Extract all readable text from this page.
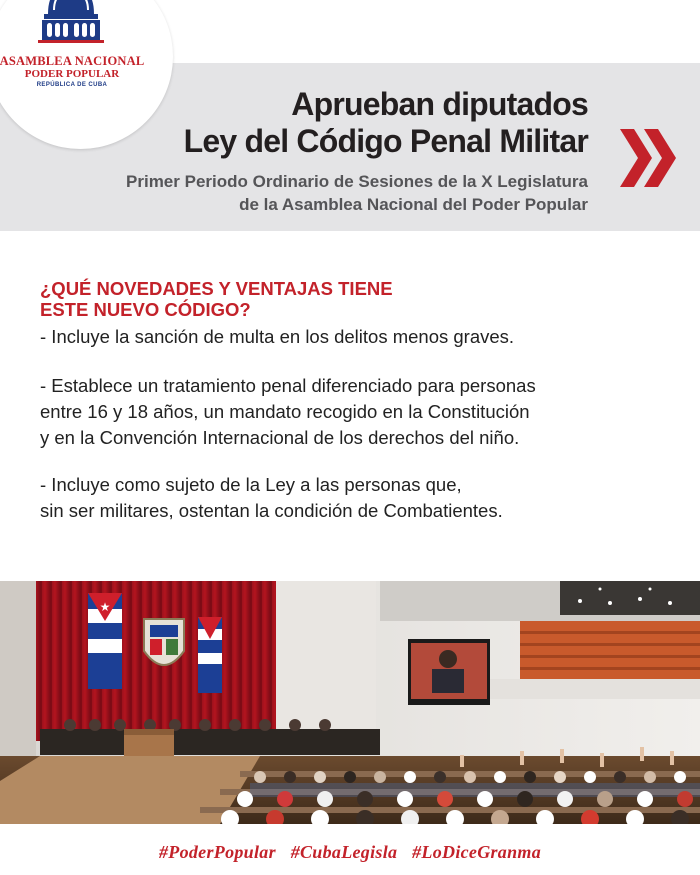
ASAMBLEA NACIONAL
PODER POPULAR
REPÚBLICA DE CUBA
Aprueban diputados
Ley del Código Penal Militar
Primer Periodo Ordinario de Sesiones de la X Legislatura
de la Asamblea Nacional del Poder Popular
¿QUÉ NOVEDADES Y VENTAJAS TIENE
ESTE NUEVO CÓDIGO?
- Incluye la sanción de multa en los delitos menos graves.
- Establece un tratamiento penal diferenciado para personas
entre 16 y 18 años, un mandato recogido en la Constitución
y en la Convención Internacional de los derechos del niño.
- Incluye como sujeto de la Ley a las personas que,
sin ser militares, ostentan la condición de Combatientes.
★
#PoderPopular #CubaLegisla #LoDiceGranma
